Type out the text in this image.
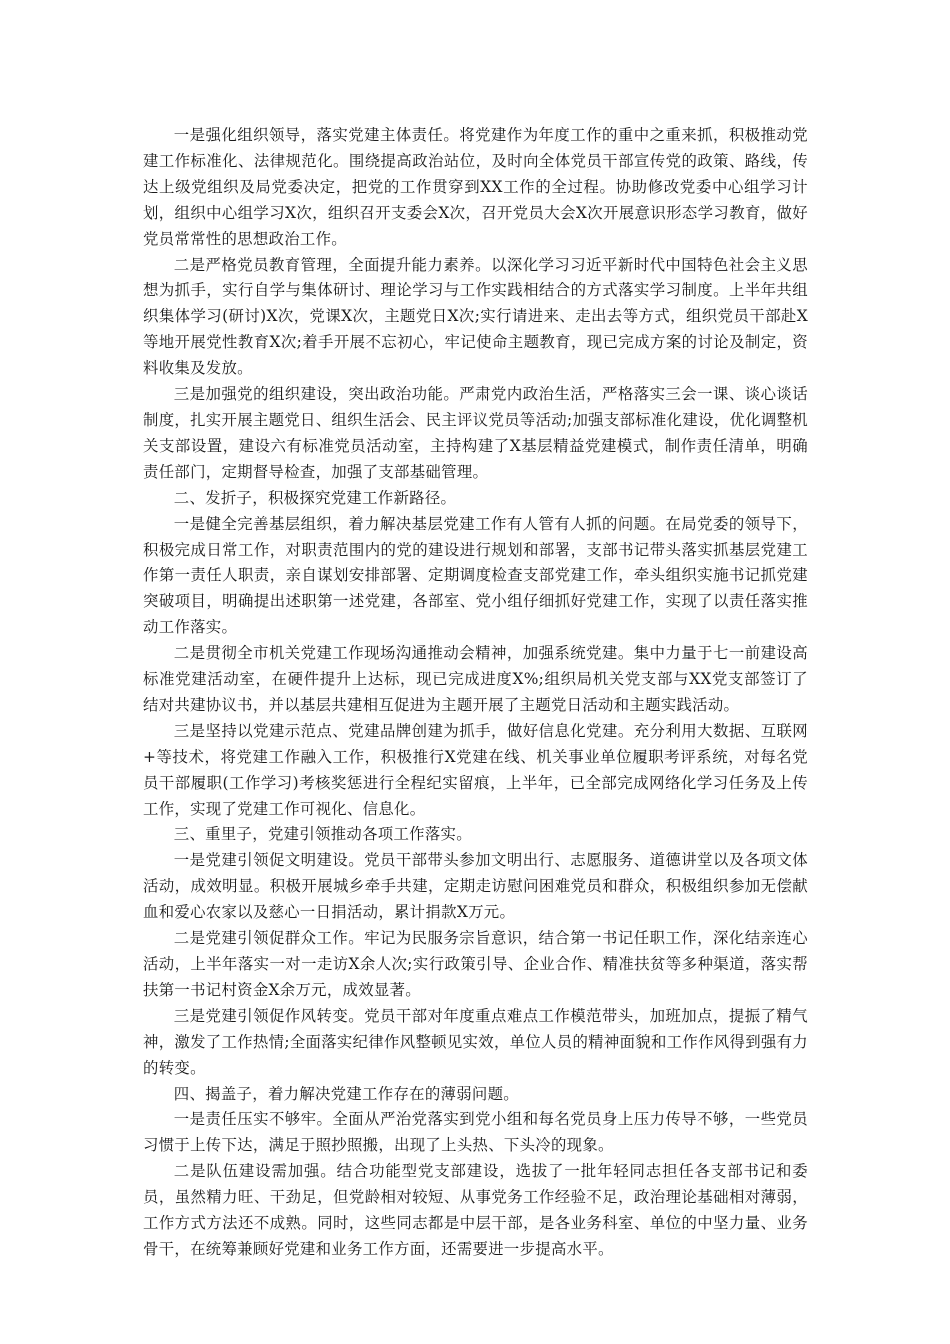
一是强化组织领导，落实党建主体责任。将党建作为年度工作的重中之重来抓，积极推动党建工作标准化、法律规范化。围绕提高政治站位，及时向全体党员干部宣传党的政策、路线，传达上级党组织及局党委决定，把党的工作贯穿到XX工作的全过程。协助修改党委中心组学习计划，组织中心组学习X次，组织召开支委会X次，召开党员大会X次开展意识形态学习教育，做好党员常常性的思想政治工作。

二是严格党员教育管理，全面提升能力素养。以深化学习习近平新时代中国特色社会主义思想为抓手，实行自学与集体研讨、理论学习与工作实践相结合的方式落实学习制度。上半年共组织集体学习(研讨)X次，党课X次，主题党日X次;实行请进来、走出去等方式，组织党员干部赴X等地开展党性教育X次;着手开展不忘初心，牢记使命主题教育，现已完成方案的讨论及制定，资料收集及发放。

三是加强党的组织建设，突出政治功能。严肃党内政治生活，严格落实三会一课、谈心谈话制度，扎实开展主题党日、组织生活会、民主评议党员等活动;加强支部标准化建设，优化调整机关支部设置，建设六有标准党员活动室，主持构建了X基层精益党建模式，制作责任清单，明确责任部门，定期督导检查，加强了支部基础管理。

二、发折子，积极探究党建工作新路径。

一是健全完善基层组织，着力解决基层党建工作有人管有人抓的问题。在局党委的领导下，积极完成日常工作，对职责范围内的党的建设进行规划和部署，支部书记带头落实抓基层党建工作第一责任人职责，亲自谋划安排部署、定期调度检查支部党建工作，牵头组织实施书记抓党建突破项目，明确提出述职第一述党建，各部室、党小组仔细抓好党建工作，实现了以责任落实推动工作落实。

二是贯彻全市机关党建工作现场沟通推动会精神，加强系统党建。集中力量于七一前建设高标准党建活动室，在硬件提升上达标，现已完成进度X%;组织局机关党支部与XX党支部签订了结对共建协议书，并以基层共建相互促进为主题开展了主题党日活动和主题实践活动。

三是坚持以党建示范点、党建品牌创建为抓手，做好信息化党建。充分利用大数据、互联网+等技术，将党建工作融入工作，积极推行X党建在线、机关事业单位履职考评系统，对每名党员干部履职(工作学习)考核奖惩进行全程纪实留痕，上半年，已全部完成网络化学习任务及上传工作，实现了党建工作可视化、信息化。

三、重里子，党建引领推动各项工作落实。

一是党建引领促文明建设。党员干部带头参加文明出行、志愿服务、道德讲堂以及各项文体活动，成效明显。积极开展城乡牵手共建，定期走访慰问困难党员和群众，积极组织参加无偿献血和爱心农家以及慈心一日捐活动，累计捐款X万元。

二是党建引领促群众工作。牢记为民服务宗旨意识，结合第一书记任职工作，深化结亲连心活动，上半年落实一对一走访X余人次;实行政策引导、企业合作、精准扶贫等多种渠道，落实帮扶第一书记村资金X余万元，成效显著。

三是党建引领促作风转变。党员干部对年度重点难点工作模范带头，加班加点，提振了精气神，激发了工作热情;全面落实纪律作风整顿见实效，单位人员的精神面貌和工作作风得到强有力的转变。

四、揭盖子，着力解决党建工作存在的薄弱问题。

一是责任压实不够牢。全面从严治党落实到党小组和每名党员身上压力传导不够，一些党员习惯于上传下达，满足于照抄照搬，出现了上头热、下头冷的现象。

二是队伍建设需加强。结合功能型党支部建设，选拔了一批年轻同志担任各支部书记和委员，虽然精力旺、干劲足，但党龄相对较短、从事党务工作经验不足，政治理论基础相对薄弱，工作方式方法还不成熟。同时，这些同志都是中层干部，是各业务科室、单位的中坚力量、业务骨干，在统筹兼顾好党建和业务工作方面，还需要进一步提高水平。
